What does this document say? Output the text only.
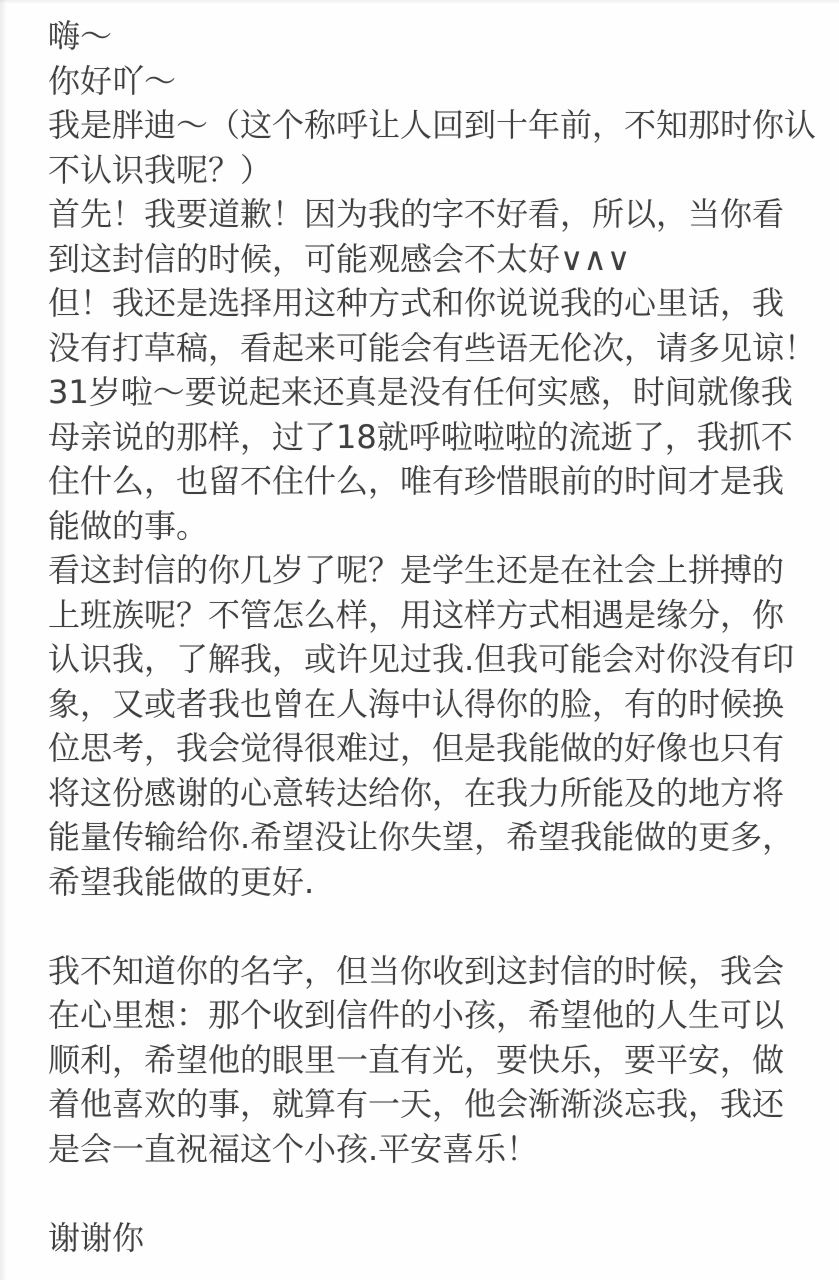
嗨～
你好吖～
我是胖迪～（这个称呼让人回到十年前，不知那时你认
不认识我呢？）
首先！我要道歉！因为我的字不好看，所以，当你看
到这封信的时候，可能观感会不太好∨∧∨
但！我还是选择用这种方式和你说说我的心里话，我
没有打草稿，看起来可能会有些语无伦次，请多见谅！
31岁啦～要说起来还真是没有任何实感，时间就像我
母亲说的那样，过了18就呼啦啦啦的流逝了，我抓不
住什么，也留不住什么，唯有珍惜眼前的时间才是我
能做的事。
看这封信的你几岁了呢？是学生还是在社会上拼搏的
上班族呢？不管怎么样，用这样方式相遇是缘分，你
认识我，了解我，或许见过我.但我可能会对你没有印
象，又或者我也曾在人海中认得你的脸，有的时候换
位思考，我会觉得很难过，但是我能做的好像也只有
将这份感谢的心意转达给你，在我力所能及的地方将
能量传输给你.希望没让你失望，希望我能做的更多，
希望我能做的更好.
我不知道你的名字，但当你收到这封信的时候，我会
在心里想：那个收到信件的小孩，希望他的人生可以
顺利，希望他的眼里一直有光，要快乐，要平安，做
着他喜欢的事，就算有一天，他会渐渐淡忘我，我还
是会一直祝福这个小孩.平安喜乐！
谢谢你
